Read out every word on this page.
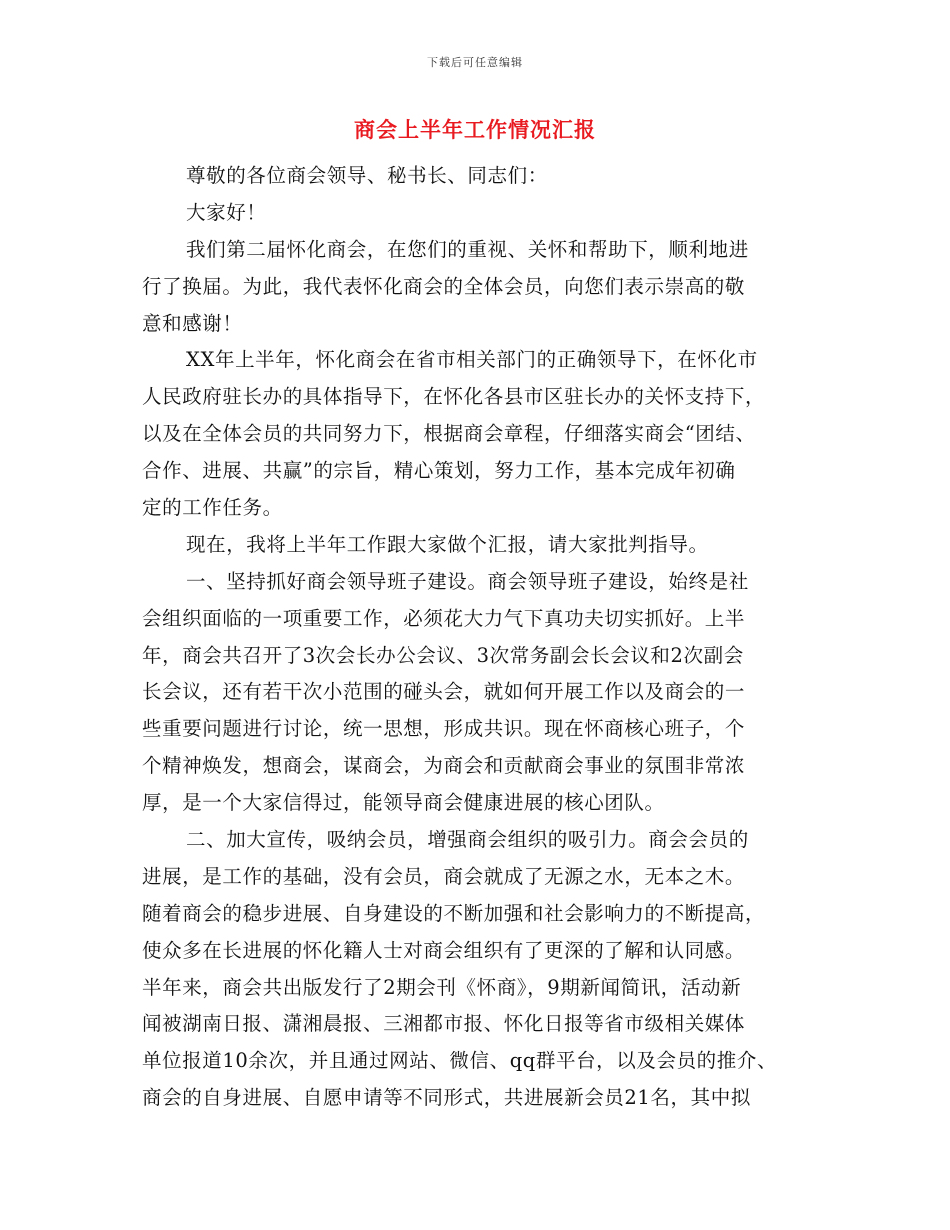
下载后可任意编辑
商会上半年工作情况汇报
尊敬的各位商会领导、秘书长、同志们：
大家好！
我们第二届怀化商会，在您们的重视、关怀和帮助下，顺利地进
行了换届。为此，我代表怀化商会的全体会员，向您们表示崇高的敬
意和感谢！
XX年上半年，怀化商会在省市相关部门的正确领导下，在怀化市
人民政府驻长办的具体指导下，在怀化各县市区驻长办的关怀支持下，
以及在全体会员的共同努力下，根据商会章程，仔细落实商会“团结、
合作、进展、共赢”的宗旨，精心策划，努力工作，基本完成年初确
定的工作任务。
现在，我将上半年工作跟大家做个汇报，请大家批判指导。
一、坚持抓好商会领导班子建设。商会领导班子建设，始终是社
会组织面临的一项重要工作，必须花大力气下真功夫切实抓好。上半
年，商会共召开了3次会长办公会议、3次常务副会长会议和2次副会
长会议，还有若干次小范围的碰头会，就如何开展工作以及商会的一
些重要问题进行讨论，统一思想，形成共识。现在怀商核心班子，个
个精神焕发，想商会，谋商会，为商会和贡献商会事业的氛围非常浓
厚，是一个大家信得过，能领导商会健康进展的核心团队。
二、加大宣传，吸纳会员，增强商会组织的吸引力。商会会员的
进展，是工作的基础，没有会员，商会就成了无源之水，无本之木。
随着商会的稳步进展、自身建设的不断加强和社会影响力的不断提高，
使众多在长进展的怀化籍人士对商会组织有了更深的了解和认同感。
半年来，商会共出版发行了2期会刊《怀商》，9期新闻简讯，活动新
闻被湖南日报、潇湘晨报、三湘都市报、怀化日报等省市级相关媒体
单位报道10余次，并且通过网站、微信、qq群平台，以及会员的推介、
商会的自身进展、自愿申请等不同形式，共进展新会员21名，其中拟
